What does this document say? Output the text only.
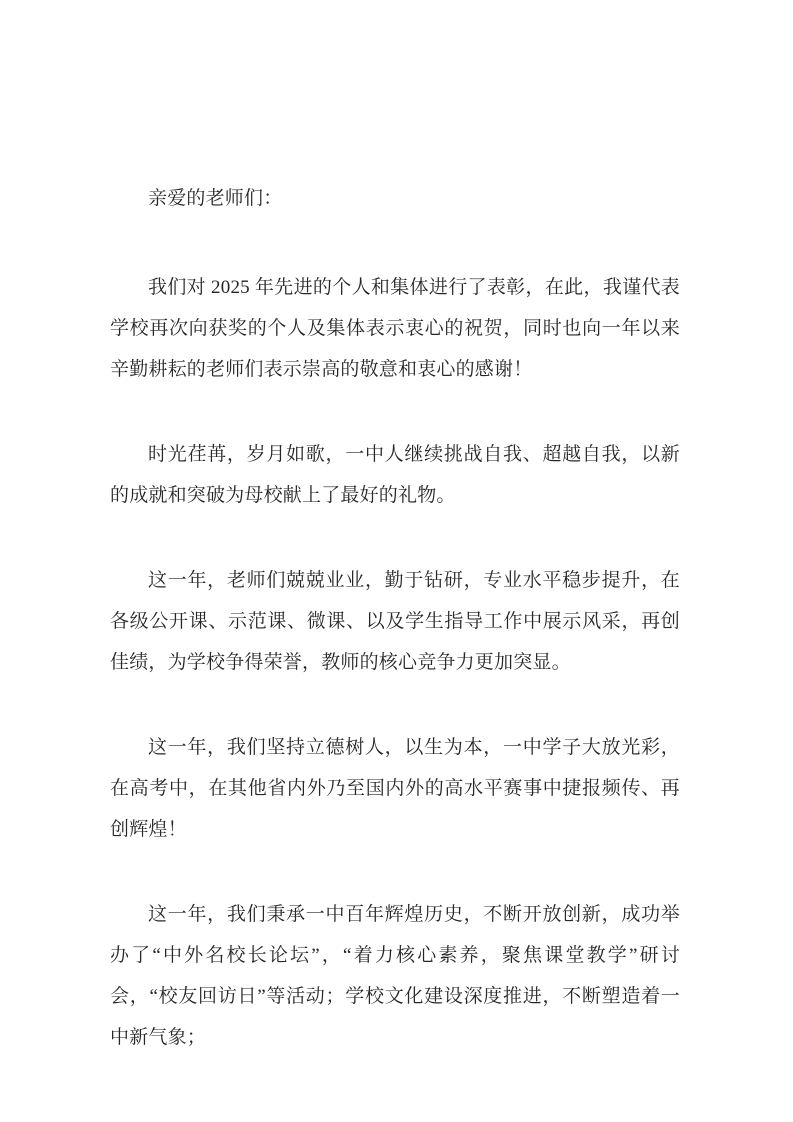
亲爱的老师们：

我们对 2025 年先进的个人和集体进行了表彰，在此，我谨代表学校再次向获奖的个人及集体表示衷心的祝贺，同时也向一年以来辛勤耕耘的老师们表示崇高的敬意和衷心的感谢！

时光荏苒，岁月如歌，一中人继续挑战自我、超越自我，以新的成就和突破为母校献上了最好的礼物。

这一年，老师们兢兢业业，勤于钻研，专业水平稳步提升，在各级公开课、示范课、微课、以及学生指导工作中展示风采，再创佳绩，为学校争得荣誉，教师的核心竞争力更加突显。

这一年，我们坚持立德树人，以生为本，一中学子大放光彩，在高考中，在其他省内外乃至国内外的高水平赛事中捷报频传、再创辉煌！

这一年，我们秉承一中百年辉煌历史，不断开放创新，成功举办了“中外名校长论坛”，“着力核心素养，聚焦课堂教学”研讨会，“校友回访日”等活动；学校文化建设深度推进，不断塑造着一中新气象；
